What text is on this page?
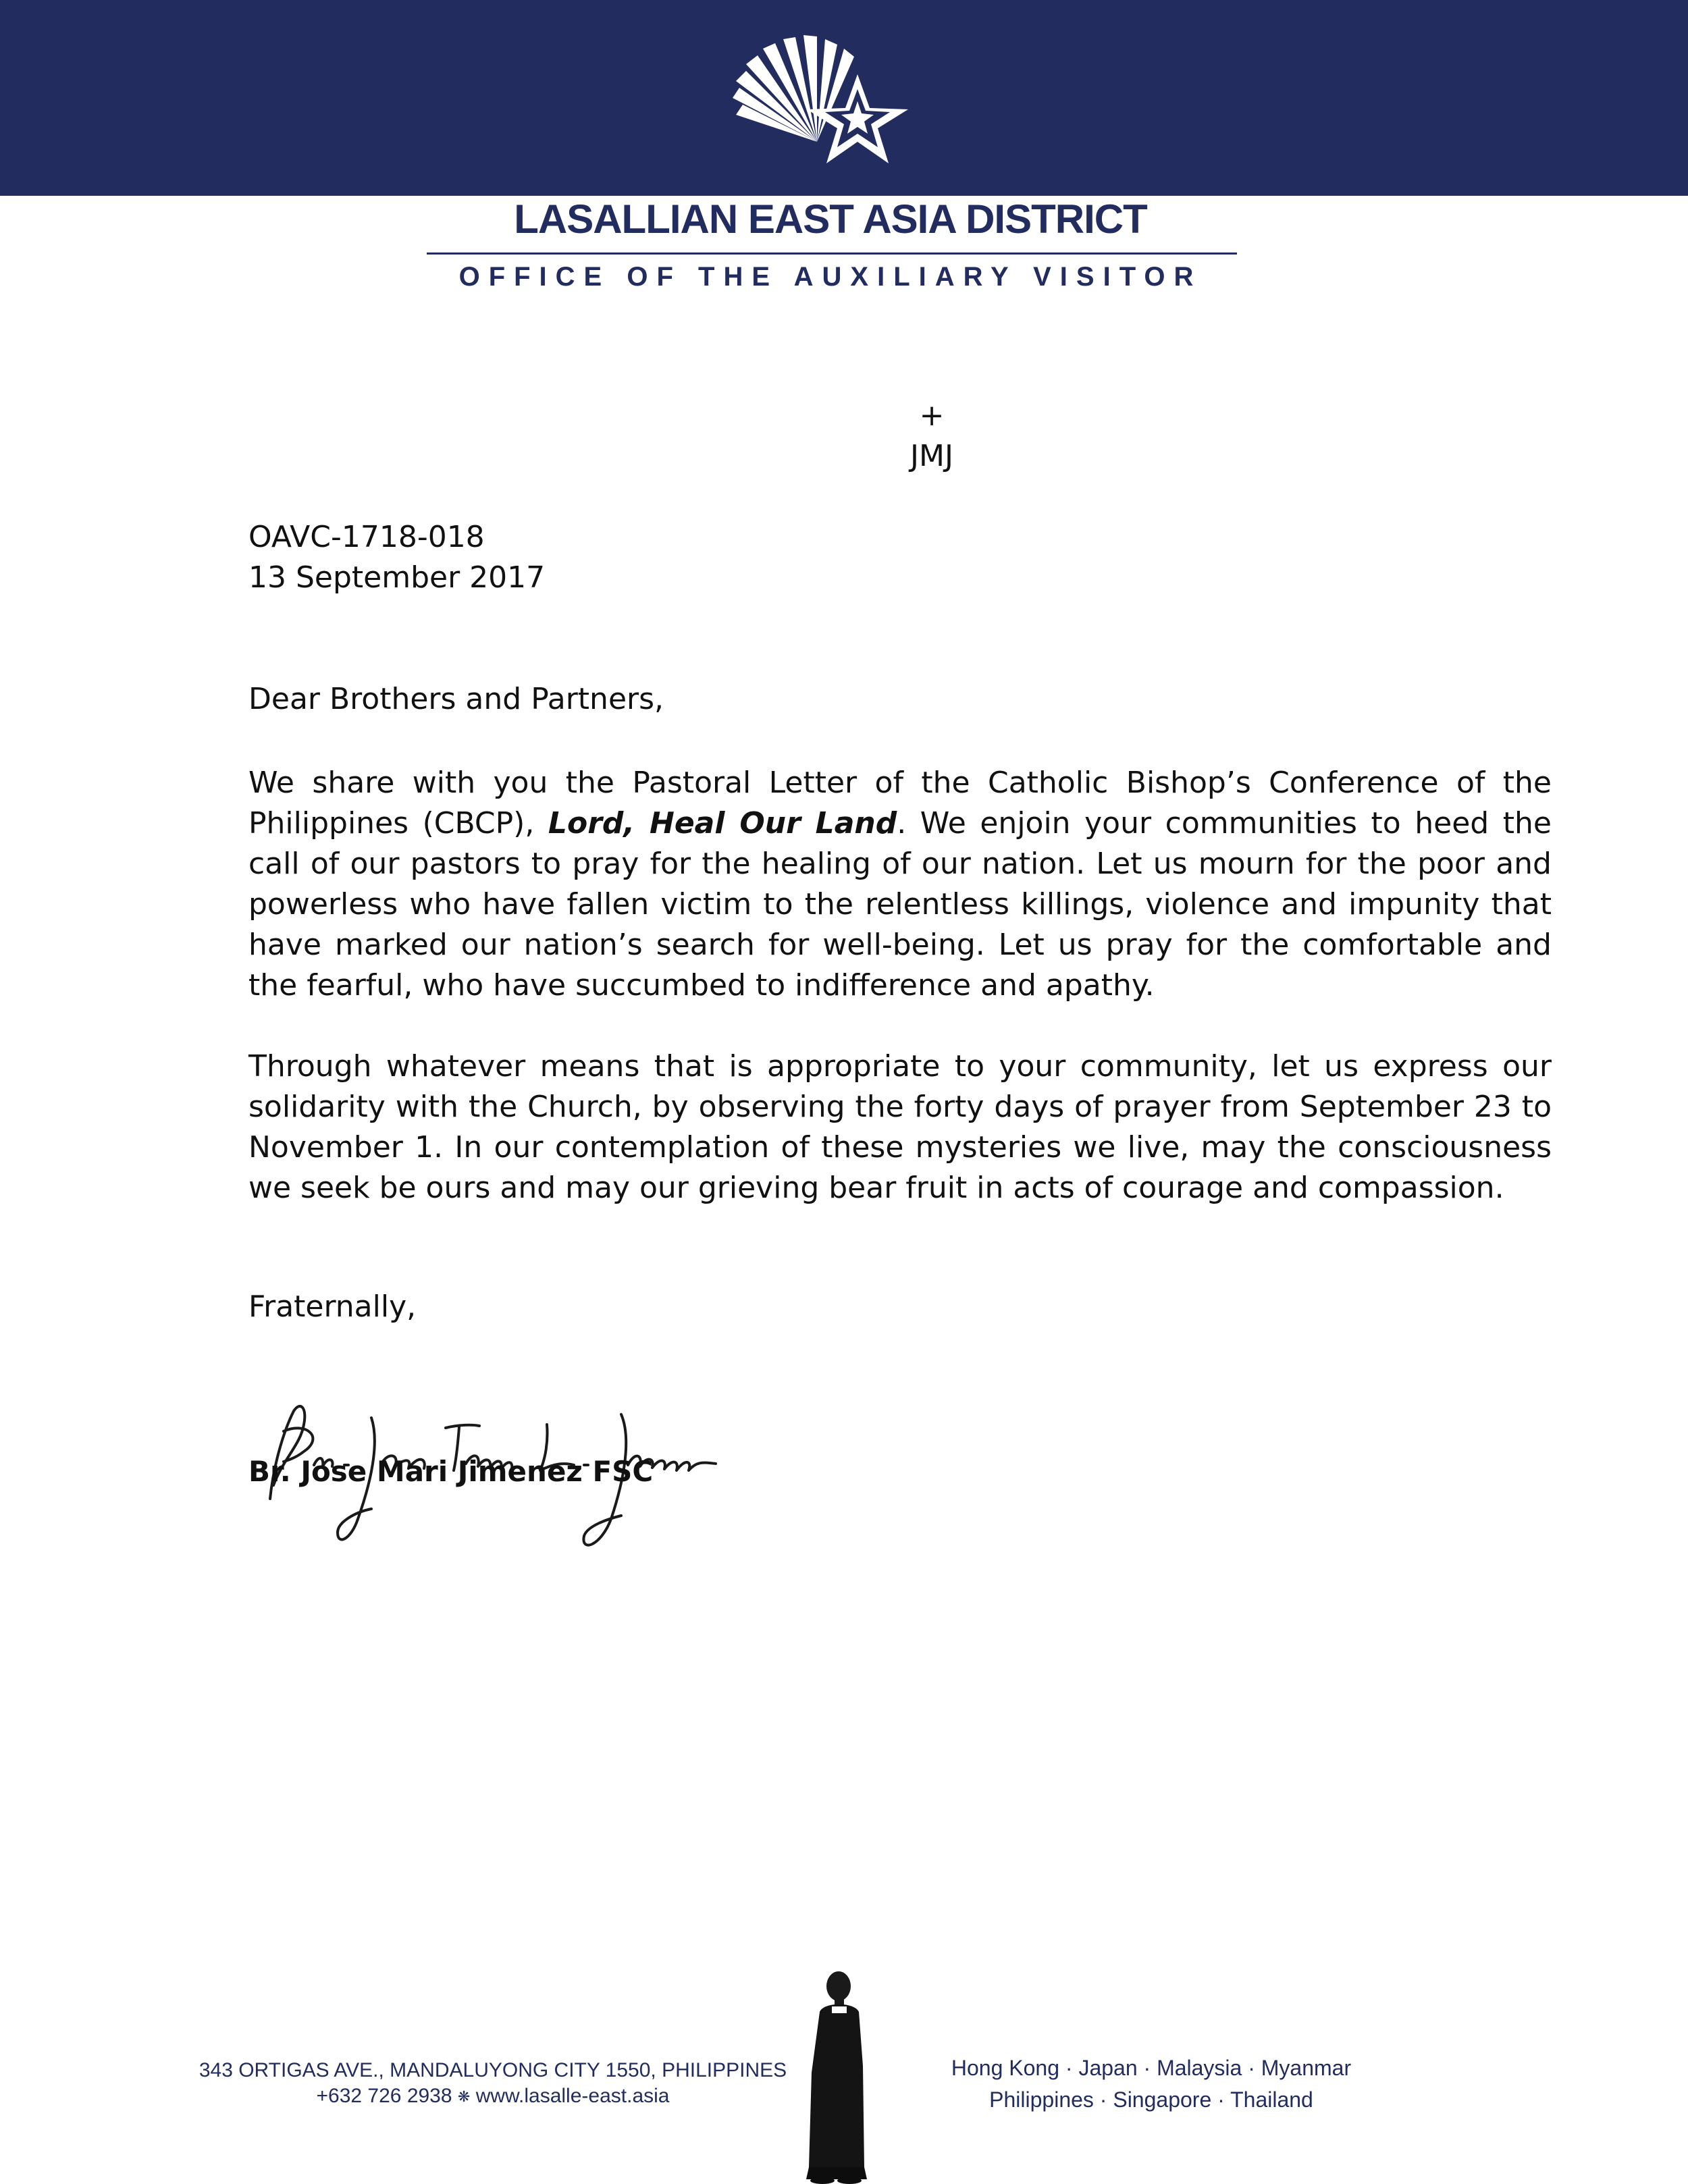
LASALLIAN EAST ASIA DISTRICT
OFFICE OF THE AUXILIARY VISITOR
+
JMJ
OAVC-1718-018
13 September 2017
Dear Brothers and Partners,

We share with you the Pastoral Letter of the Catholic Bishop’s Conference of the Philippines (CBCP), Lord, Heal Our Land. We enjoin your communities to heed the call of our pastors to pray for the healing of our nation. Let us mourn for the poor and powerless who have fallen victim to the relentless killings, violence and impunity that have marked our nation’s search for well-being. Let us pray for the comfortable and the fearful, who have succumbed to indifference and apathy.

Through whatever means that is appropriate to your community, let us express our solidarity with the Church, by observing the forty days of prayer from September 23 to November 1. In our contemplation of these mysteries we live, may the consciousness we seek be ours and may our grieving bear fruit in acts of courage and compassion.

Fraternally,
Br. Jose Mari L. Jimenez
Br. Jose Mari Jimenez FSC
343 ORTIGAS AVE., MANDALUYONG CITY 1550, PHILIPPINES
+632 726 2938 ❋ www.lasalle-east.asia
Hong Kong · Japan · Malaysia · Myanmar
Philippines · Singapore · Thailand
